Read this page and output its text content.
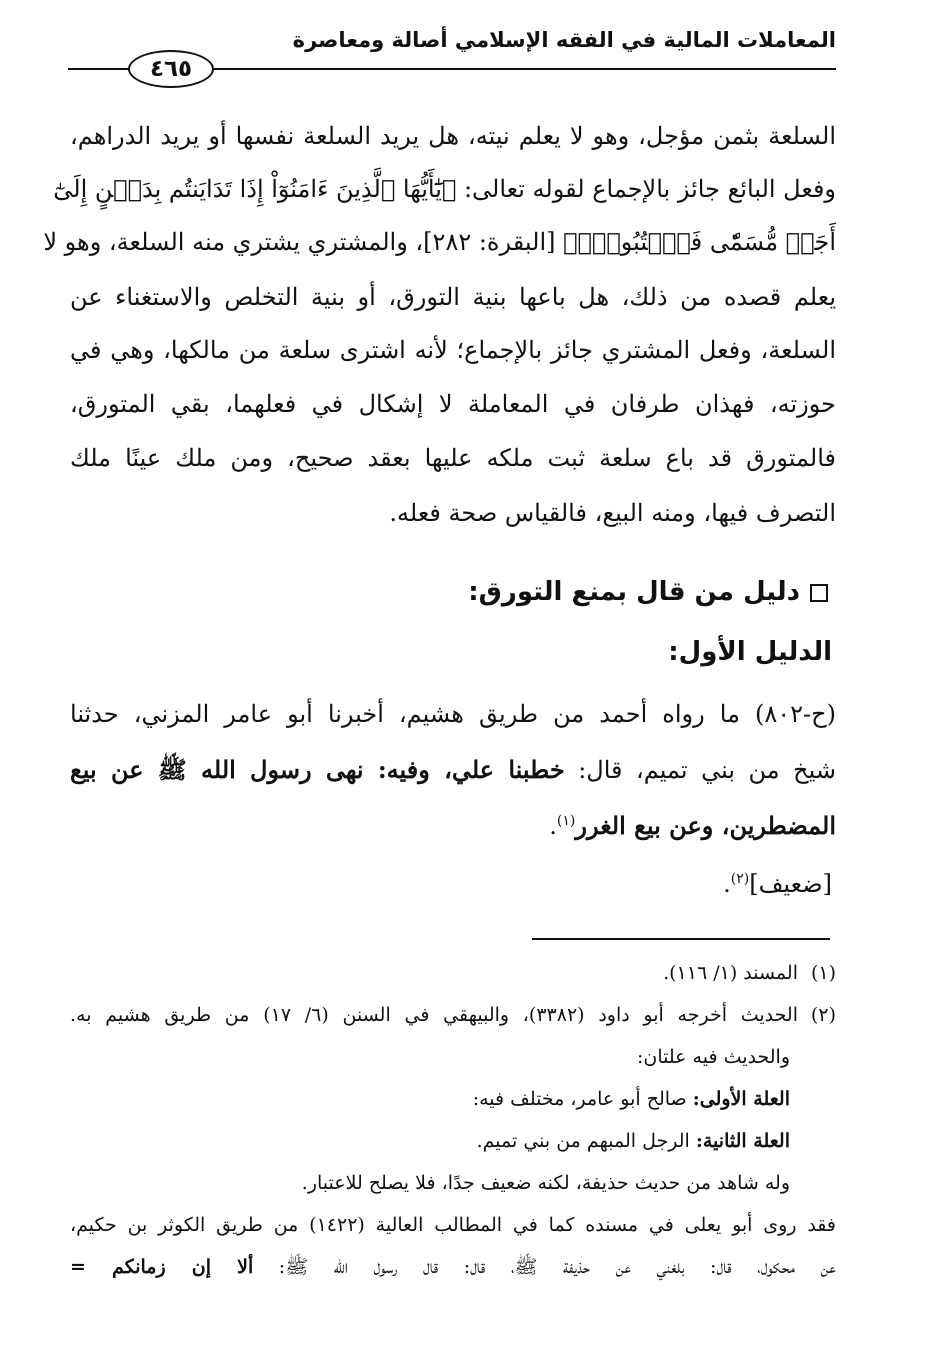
المعاملات المالية في الفقه الإسلامي أصالة ومعاصرة
٤٦٥
السلعة بثمن مؤجل، وهو لا يعلم نيته، هل يريد السلعة نفسها أو يريد الدراهم،
وفعل البائع جائز بالإجماع لقوله تعالى: ﴿يَٰٓأَيُّهَا ٱلَّذِينَ ءَامَنُوٓاْ إِذَا تَدَايَنتُم بِدَيۡنٍ إِلَىٰٓ
أَجَلٖ مُّسَمّٗى فَٱكۡتُبُوهُۚ﴾ [البقرة: ٢٨٢]، والمشتري يشتري منه السلعة، وهو لا
يعلم قصده من ذلك، هل باعها بنية التورق، أو بنية التخلص والاستغناء عن
السلعة، وفعل المشتري جائز بالإجماع؛ لأنه اشترى سلعة من مالكها، وهي في
حوزته، فهذان طرفان في المعاملة لا إشكال في فعلهما، بقي المتورق،
فالمتورق قد باع سلعة ثبت ملكه عليها بعقد صحيح، ومن ملك عينًا ملك
التصرف فيها، ومنه البيع، فالقياس صحة فعله.
دليل من قال بمنع التورق:
الدليل الأول:
(ح-٨٠٢) ما رواه أحمد من طريق هشيم، أخبرنا أبو عامر المزني، حدثنا
شيخ من بني تميم، قال: خطبنا علي، وفيه: نهى رسول الله ﷺ عن بيع
المضطرين، وعن بيع الغرر$^{(١)}$.
[ضعيف]$^{(٢)}$.
(١)المسند (١/ ١١٦).
(٢)الحديث أخرجه أبو داود (٣٣٨٢)، والبيهقي في السنن (٦/ ١٧) من طريق هشيم به.
والحديث فيه علتان:
العلة الأولى: صالح أبو عامر، مختلف فيه:
العلة الثانية: الرجل المبهم من بني تميم.
وله شاهد من حديث حذيفة، لكنه ضعيف جدًا، فلا يصلح للاعتبار.
فقد روى أبو يعلى في مسنده كما في المطالب العالية (١٤٢٢) من طريق الكوثر بن حكيم،
عن محكول، قال: بلغني عن حذيفة ﷺ، قال: قال رسول الله ﷺ: ألا إن زمانكم =
